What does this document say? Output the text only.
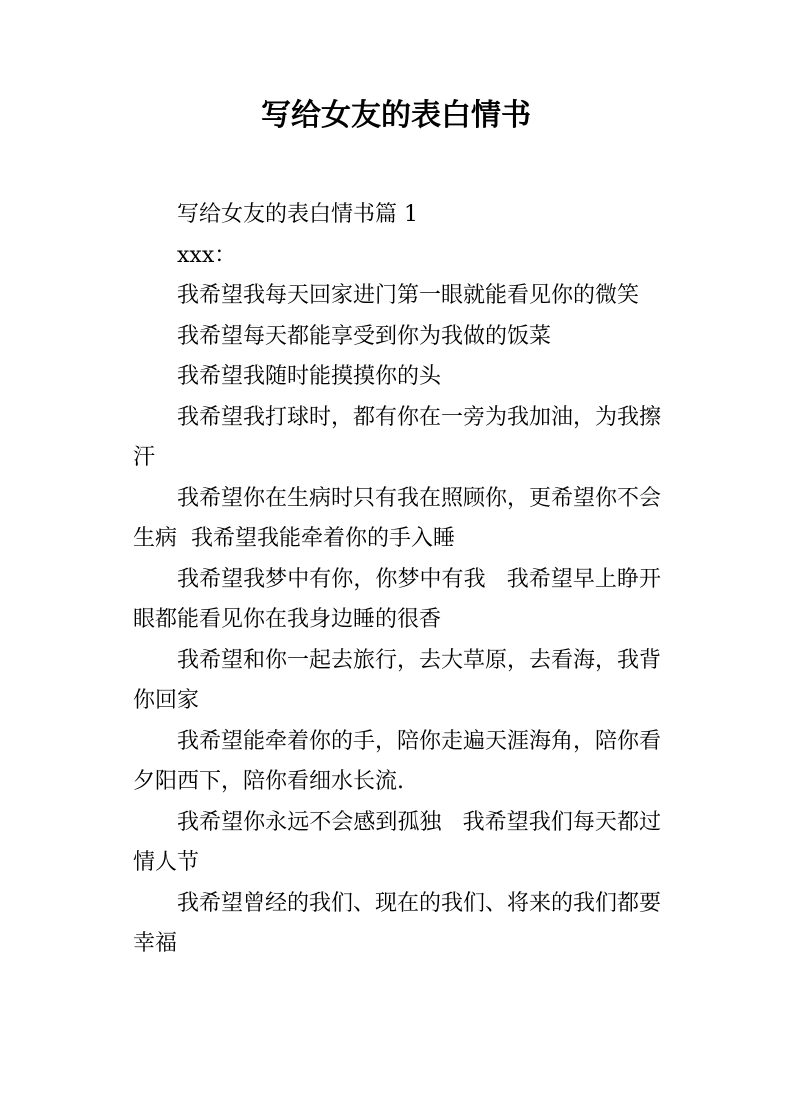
写给女友的表白情书

写给女友的表白情书篇 1

xxx：

我希望我每天回家进门第一眼就能看见你的微笑

我希望每天都能享受到你为我做的饭菜

我希望我随时能摸摸你的头

我希望我打球时，都有你在一旁为我加油，为我擦汗

我希望你在生病时只有我在照顾你，更希望你不会生病  我希望我能牵着你的手入睡

我希望我梦中有你，你梦中有我   我希望早上睁开眼都能看见你在我身边睡的很香

我希望和你一起去旅行，去大草原，去看海，我背你回家

我希望能牵着你的手，陪你走遍天涯海角，陪你看夕阳西下，陪你看细水长流.

我希望你永远不会感到孤独   我希望我们每天都过情人节

我希望曾经的我们、现在的我们、将来的我们都要幸福
